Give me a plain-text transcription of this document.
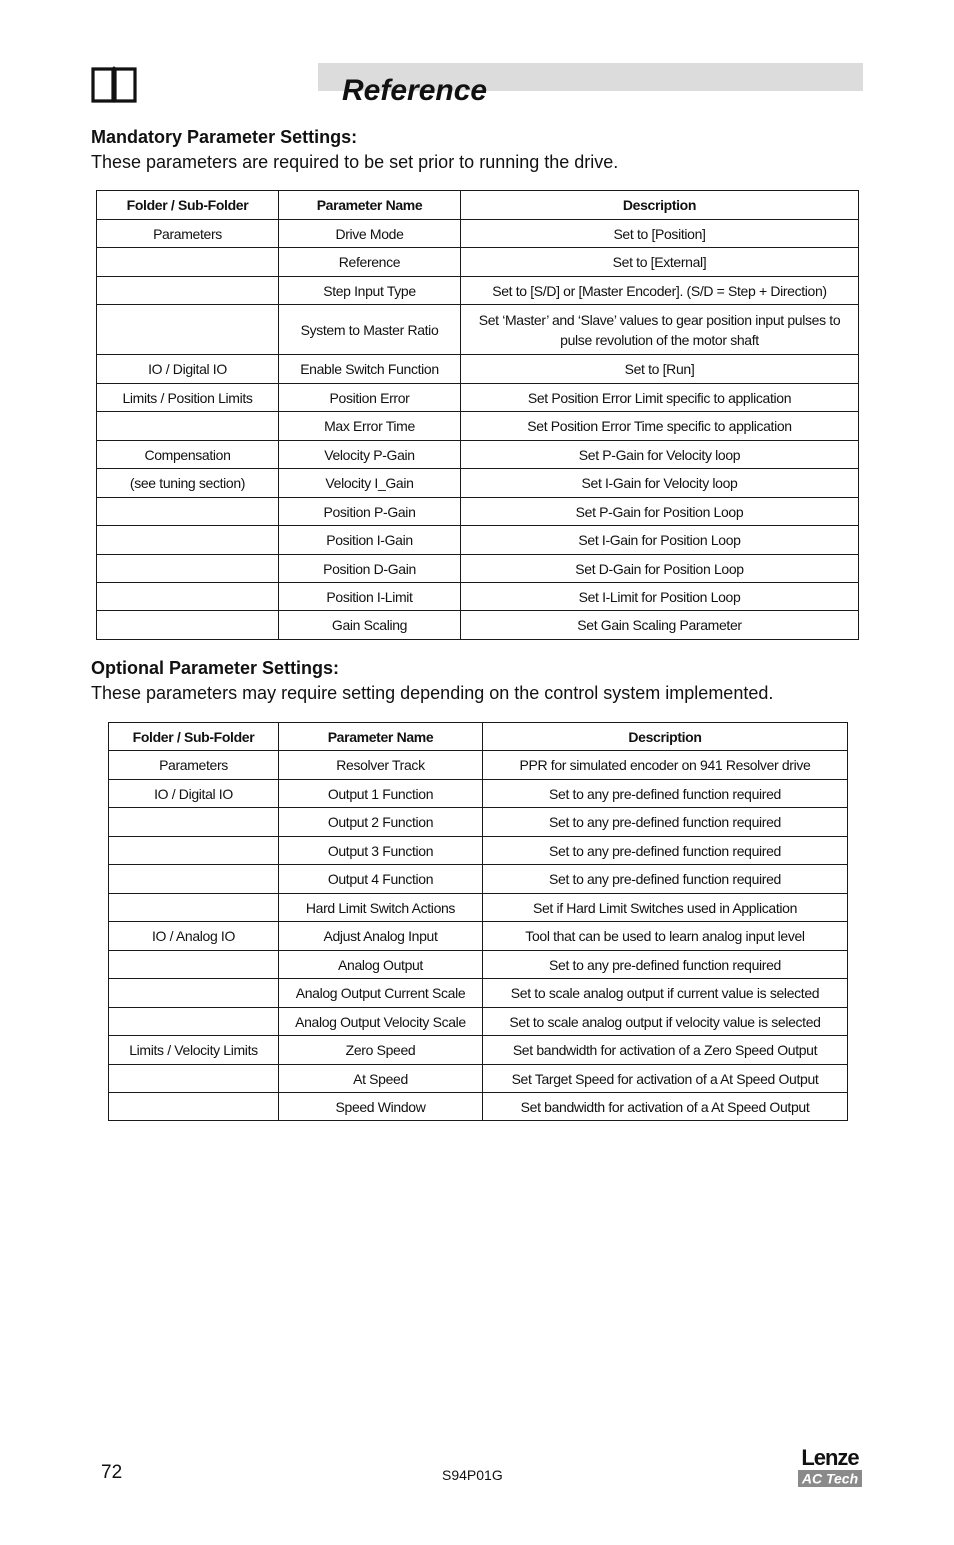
Reference

Mandatory Parameter Settings:

These parameters are required to be set prior to running the drive.

Folder / Sub-Folder	Parameter Name	Description
Parameters	Drive Mode	Set to [Position]
	Reference	Set to [External]
	Step Input Type	Set to [S/D] or [Master Encoder]. (S/D = Step + Direction)
	System to Master Ratio	Set ‘Master’ and ‘Slave’ values to gear position input pulses to pulse revolution of the motor shaft
IO / Digital IO	Enable Switch Function	Set to [Run]
Limits / Position Limits	Position Error	Set Position Error Limit specific to application
	Max Error Time	Set Position Error Time specific to application
Compensation	Velocity P-Gain	Set P-Gain for Velocity loop
(see tuning section)	Velocity I_Gain	Set I-Gain for Velocity loop
	Position P-Gain	Set P-Gain for Position Loop
	Position I-Gain	Set I-Gain for Position Loop
	Position D-Gain	Set D-Gain for Position Loop
	Position I-Limit	Set I-Limit for Position Loop
	Gain Scaling	Set Gain Scaling Parameter

Optional Parameter Settings:

These parameters may require setting depending on the control system implemented.

Folder / Sub-Folder	Parameter Name	Description
Parameters	Resolver Track	PPR for simulated encoder on 941 Resolver drive
IO / Digital IO	Output 1 Function	Set to any pre-defined function required
	Output 2 Function	Set to any pre-defined function required
	Output 3 Function	Set to any pre-defined function required
	Output 4 Function	Set to any pre-defined function required
	Hard Limit Switch Actions	Set if Hard Limit Switches used in Application
IO / Analog IO	Adjust Analog Input	Tool that can be used to learn analog input level
	Analog Output	Set to any pre-defined function required
	Analog Output Current Scale	Set to scale analog output if current value is selected
	Analog Output Velocity Scale	Set to scale analog output if velocity value is selected
Limits / Velocity Limits	Zero Speed	Set bandwidth for activation of a Zero Speed Output
	At Speed	Set Target Speed for activation of a At Speed Output
	Speed Window	Set bandwidth for activation of a At Speed Output
72	S94P01G
Lenze
AC Tech
